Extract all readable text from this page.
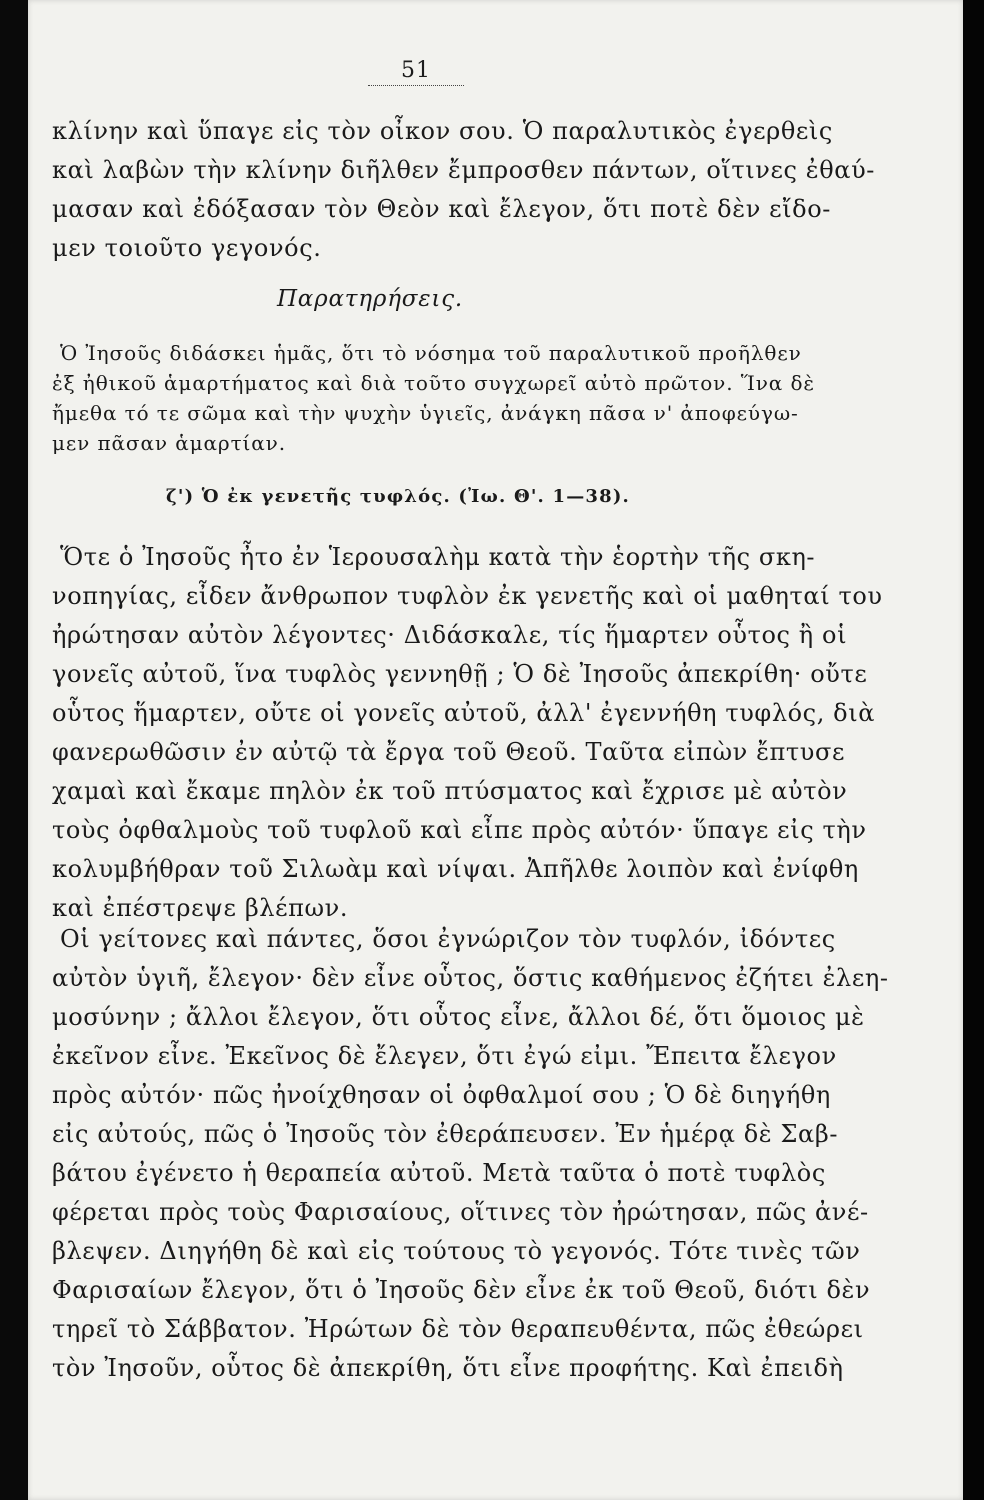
51
κλίνην καὶ ὕπαγε εἰς τὸν οἶκον σου. Ὁ παραλυτικὸς ἐγερθεὶς
καὶ λαβὼν τὴν κλίνην διῆλθεν ἔμπροσθεν πάντων, οἵτινες ἐθαύ-
μασαν καὶ ἐδόξασαν τὸν Θεὸν καὶ ἔλεγον, ὅτι ποτὲ δὲν εἴδο-
μεν τοιοῦτο γεγονός.
Παρατηρήσεις.
Ὁ Ἰησοῦς διδάσκει ἡμᾶς, ὅτι τὸ νόσημα τοῦ παραλυτικοῦ προῆλθεν
ἐξ ἠθικοῦ ἁμαρτήματος καὶ διὰ τοῦτο συγχωρεῖ αὐτὸ πρῶτον. Ἵνα δὲ
ἤμεθα τό τε σῶμα καὶ τὴν ψυχὴν ὑγιεῖς, ἀνάγκη πᾶσα ν' ἀποφεύγω-
μεν πᾶσαν ἁμαρτίαν.
ζ') Ὁ ἐκ γενετῆς τυφλός. (Ἰω. Θ'. 1—38).
Ὅτε ὁ Ἰησοῦς ἦτο ἐν Ἱερουσαλὴμ κατὰ τὴν ἑορτὴν τῆς σκη-
νοπηγίας, εἶδεν ἄνθρωπον τυφλὸν ἐκ γενετῆς καὶ οἱ μαθηταί του
ἠρώτησαν αὐτὸν λέγοντες· Διδάσκαλε, τίς ἥμαρτεν οὗτος ἢ οἱ
γονεῖς αὐτοῦ, ἵνα τυφλὸς γεννηθῇ ; Ὁ δὲ Ἰησοῦς ἀπεκρίθη· οὔτε
οὗτος ἥμαρτεν, οὔτε οἱ γονεῖς αὐτοῦ, ἀλλ' ἐγεννήθη τυφλός, διὰ
φανερωθῶσιν ἐν αὐτῷ τὰ ἔργα τοῦ Θεοῦ. Ταῦτα εἰπὼν ἔπτυσε
χαμαὶ καὶ ἔκαμε πηλὸν ἐκ τοῦ πτύσματος καὶ ἔχρισε μὲ αὐτὸν
τοὺς ὀφθαλμοὺς τοῦ τυφλοῦ καὶ εἶπε πρὸς αὐτόν· ὕπαγε εἰς τὴν
κολυμβήθραν τοῦ Σιλωὰμ καὶ νίψαι. Ἀπῆλθε λοιπὸν καὶ ἐνίφθη
καὶ ἐπέστρεψε βλέπων.
Οἱ γείτονες καὶ πάντες, ὅσοι ἐγνώριζον τὸν τυφλόν, ἰδόντες
αὐτὸν ὑγιῆ, ἔλεγον· δὲν εἶνε οὗτος, ὅστις καθήμενος ἐζήτει ἐλεη-
μοσύνην ; ἄλλοι ἔλεγον, ὅτι οὗτος εἶνε, ἄλλοι δέ, ὅτι ὅμοιος μὲ
ἐκεῖνον εἶνε. Ἐκεῖνος δὲ ἔλεγεν, ὅτι ἐγώ εἰμι. Ἔπειτα ἔλεγον
πρὸς αὐτόν· πῶς ἠνοίχθησαν οἱ ὀφθαλμοί σου ; Ὁ δὲ διηγήθη
εἰς αὐτούς, πῶς ὁ Ἰησοῦς τὸν ἐθεράπευσεν. Ἐν ἡμέρᾳ δὲ Σαβ-
βάτου ἐγένετο ἡ θεραπεία αὐτοῦ. Μετὰ ταῦτα ὁ ποτὲ τυφλὸς
φέρεται πρὸς τοὺς Φαρισαίους, οἵτινες τὸν ἠρώτησαν, πῶς ἀνέ-
βλεψεν. Διηγήθη δὲ καὶ εἰς τούτους τὸ γεγονός. Τότε τινὲς τῶν
Φαρισαίων ἔλεγον, ὅτι ὁ Ἰησοῦς δὲν εἶνε ἐκ τοῦ Θεοῦ, διότι δὲν
τηρεῖ τὸ Σάββατον. Ἠρώτων δὲ τὸν θεραπευθέντα, πῶς ἐθεώρει
τὸν Ἰησοῦν, οὗτος δὲ ἀπεκρίθη, ὅτι εἶνε προφήτης. Καὶ ἐπειδὴ
